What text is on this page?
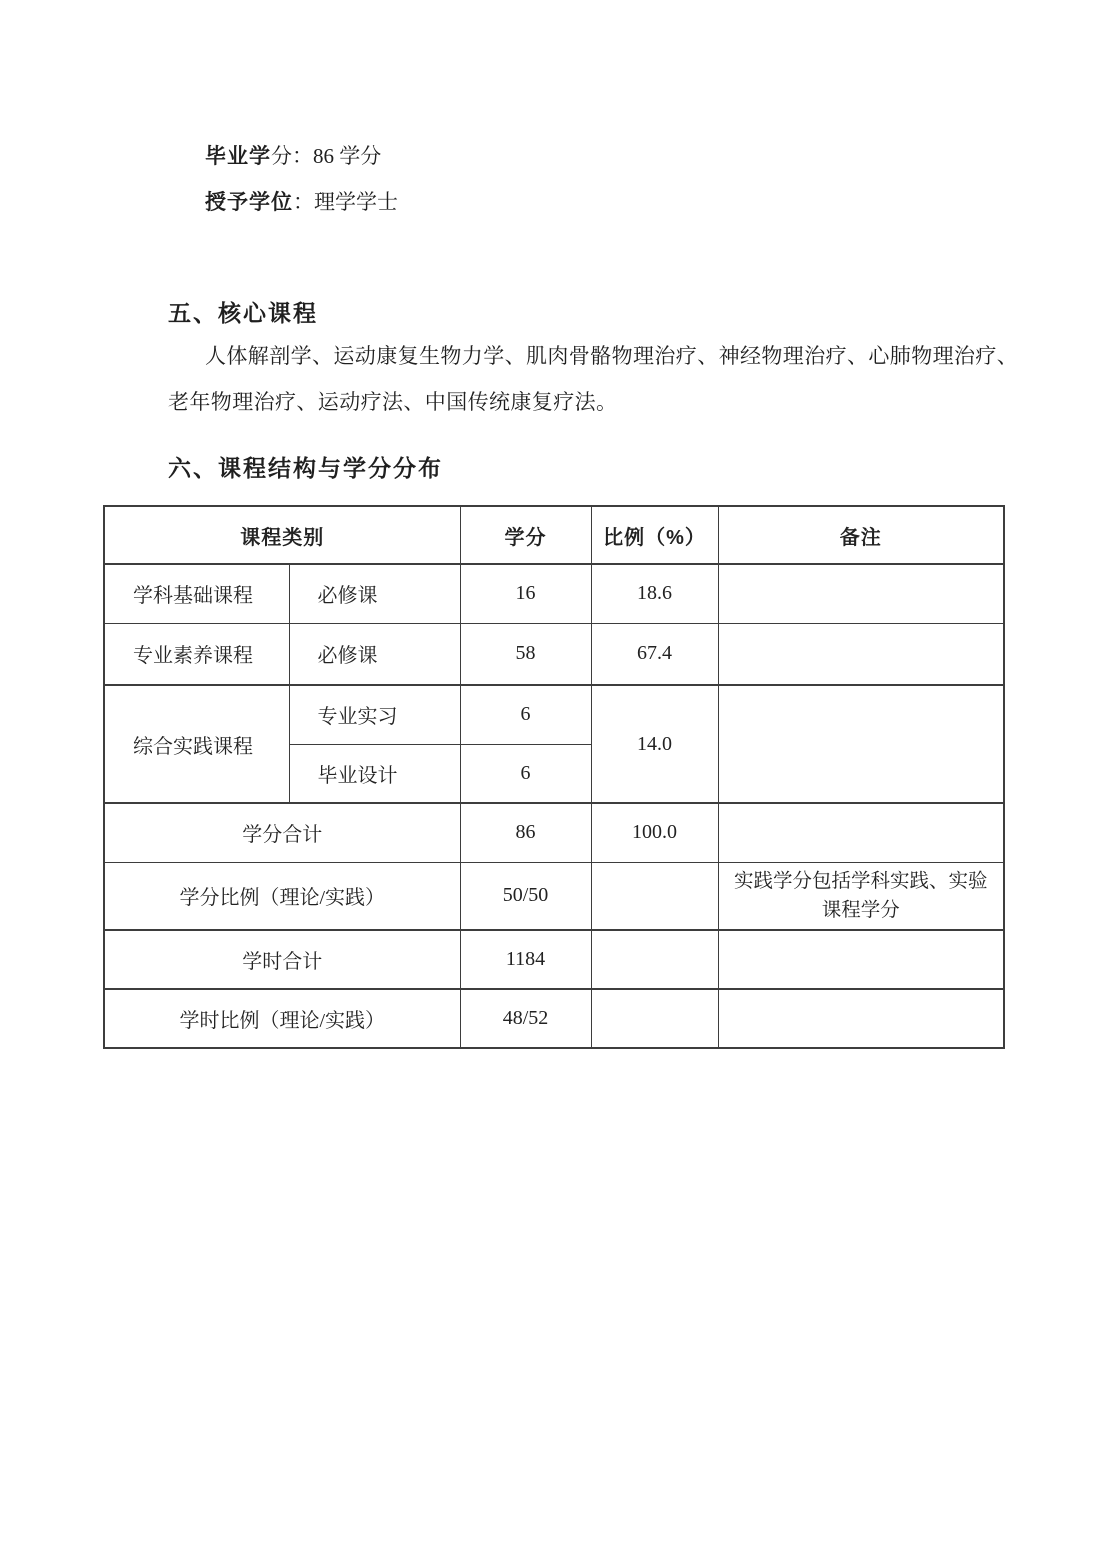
毕业学分：86 学分
授予学位：理学学士
五、核心课程
人体解剖学、运动康复生物力学、肌肉骨骼物理治疗、神经物理治疗、心肺物理治疗、
老年物理治疗、运动疗法、中国传统康复疗法。
六、课程结构与学分分布
课程类别		学分	比例（%）	备注
学科基础课程	必修课	16	18.6	
专业素养课程	必修课	58	67.4	
综合实践课程	专业实习	6	14.0	
	毕业设计	6		
学分合计		86	100.0	
学分比例（理论/实践）		50/50		实践学分包括学科实践、实验课程学分
学时合计		1184		
学时比例（理论/实践）		48/52		
